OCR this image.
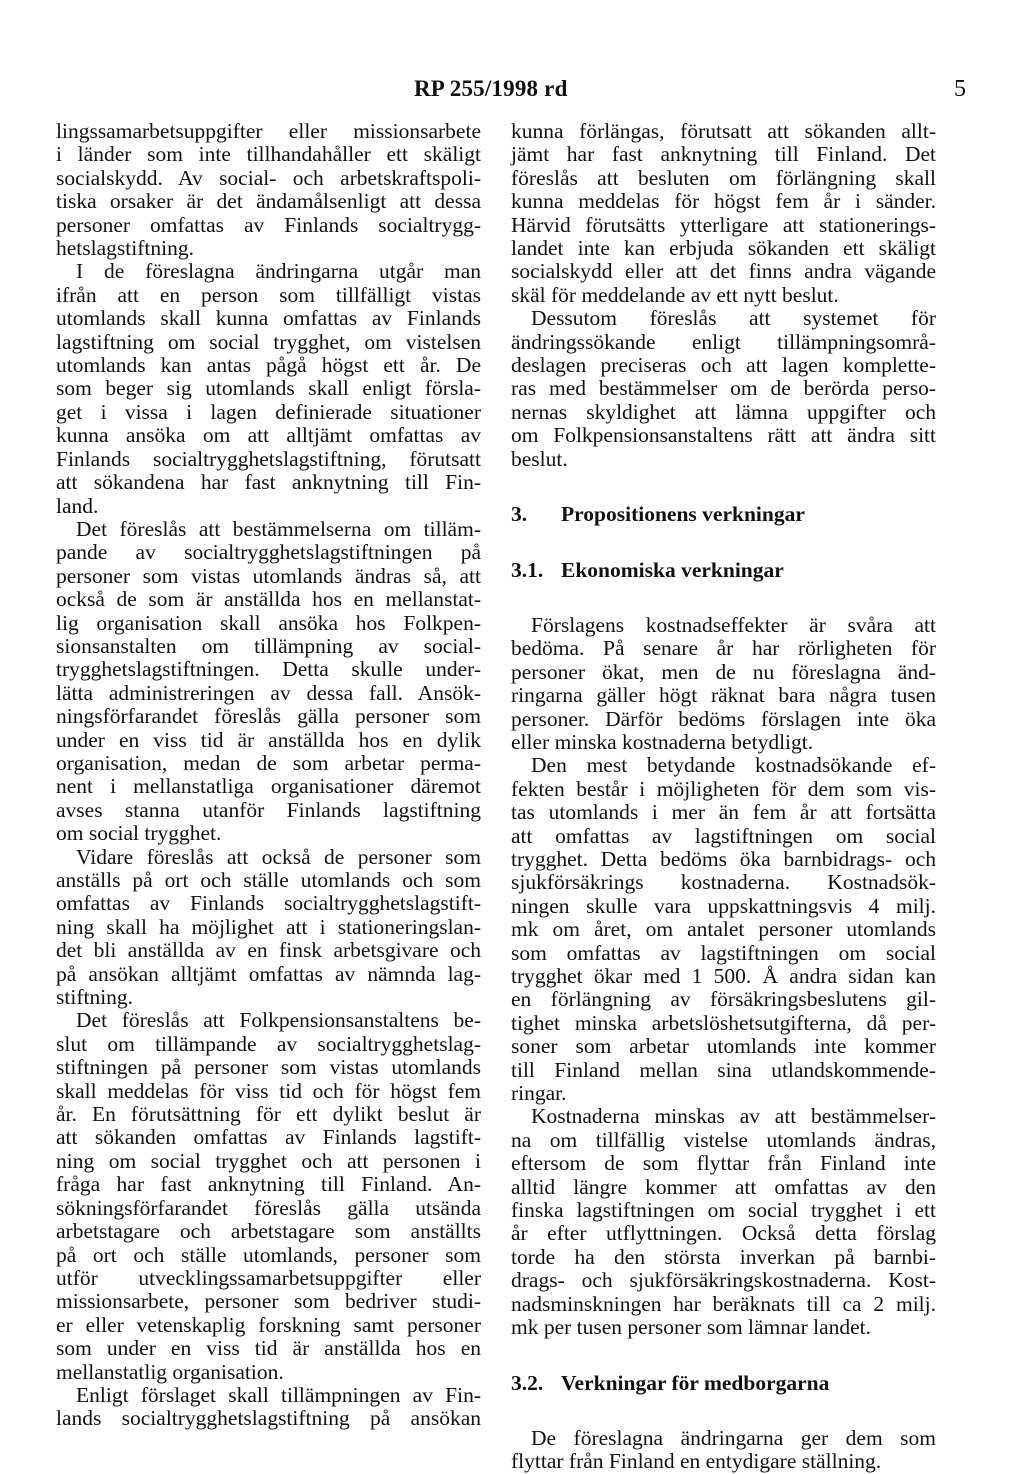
RP 255/1998 rd	5
lingssamarbetsuppgifter eller missionsarbete
i länder som inte tillhandahåller ett skäligt
socialskydd. Av social- och arbetskraftspoli-
tiska orsaker är det ändamålsenligt att dessa
personer omfattas av Finlands socialtrygg-
hetslagstiftning.
I de föreslagna ändringarna utgår man
ifrån att en person som tillfälligt vistas
utomlands skall kunna omfattas av Finlands
lagstiftning om social trygghet, om vistelsen
utomlands kan antas pågå högst ett år. De
som beger sig utomlands skall enligt försla-
get i vissa i lagen definierade situationer
kunna ansöka om att alltjämt omfattas av
Finlands socialtrygghetslagstiftning, förutsatt
att sökandena har fast anknytning till Fin-
land.
Det föreslås att bestämmelserna om tilläm-
pande av socialtrygghetslagstiftningen på
personer som vistas utomlands ändras så, att
också de som är anställda hos en mellanstat-
lig organisation skall ansöka hos Folkpen-
sionsanstalten om tillämpning av social-
trygghetslagstiftningen. Detta skulle under-
lätta administreringen av dessa fall. Ansök-
ningsförfarandet föreslås gälla personer som
under en viss tid är anställda hos en dylik
organisation, medan de som arbetar perma-
nent i mellanstatliga organisationer däremot
avses stanna utanför Finlands lagstiftning
om social trygghet.
Vidare föreslås att också de personer som
anställs på ort och ställe utomlands och som
omfattas av Finlands socialtrygghetslagstift-
ning skall ha möjlighet att i stationeringslan-
det bli anställda av en finsk arbetsgivare och
på ansökan alltjämt omfattas av nämnda lag-
stiftning.
Det föreslås att Folkpensionsanstaltens be-
slut om tillämpande av socialtrygghetslag-
stiftningen på personer som vistas utomlands
skall meddelas för viss tid och för högst fem
år. En förutsättning för ett dylikt beslut är
att sökanden omfattas av Finlands lagstift-
ning om social trygghet och att personen i
fråga har fast anknytning till Finland. An-
sökningsförfarandet föreslås gälla utsända
arbetstagare och arbetstagare som anställts
på ort och ställe utomlands, personer som
utför utvecklingssamarbetsuppgifter eller
missionsarbete, personer som bedriver studi-
er eller vetenskaplig forskning samt personer
som under en viss tid är anställda hos en
mellanstatlig organisation.
Enligt förslaget skall tillämpningen av Fin-
lands socialtrygghetslagstiftning på ansökan
kunna förlängas, förutsatt att sökanden allt-
jämt har fast anknytning till Finland. Det
föreslås att besluten om förlängning skall
kunna meddelas för högst fem år i sänder.
Härvid förutsätts ytterligare att stationerings-
landet inte kan erbjuda sökanden ett skäligt
socialskydd eller att det finns andra vägande
skäl för meddelande av ett nytt beslut.
Dessutom föreslås att systemet för
ändringssökande enligt tillämpningsområ-
deslagen preciseras och att lagen komplette-
ras med bestämmelser om de berörda perso-
nernas skyldighet att lämna uppgifter och
om Folkpensionsanstaltens rätt att ändra sitt
beslut.
3. Propositionens verkningar
3.1. Ekonomiska verkningar
Förslagens kostnadseffekter är svåra att
bedöma. På senare år har rörligheten för
personer ökat, men de nu föreslagna änd-
ringarna gäller högt räknat bara några tusen
personer. Därför bedöms förslagen inte öka
eller minska kostnaderna betydligt.
Den mest betydande kostnadsökande ef-
fekten består i möjligheten för dem som vis-
tas utomlands i mer än fem år att fortsätta
att omfattas av lagstiftningen om social
trygghet. Detta bedöms öka barnbidrags- och
sjukförsäkrings kostnaderna. Kostnadsök-
ningen skulle vara uppskattningsvis 4 milj.
mk om året, om antalet personer utomlands
som omfattas av lagstiftningen om social
trygghet ökar med 1 500. Å andra sidan kan
en förlängning av försäkringsbeslutens gil-
tighet minska arbetslöshetsutgifterna, då per-
soner som arbetar utomlands inte kommer
till Finland mellan sina utlandskommende-
ringar.
Kostnaderna minskas av att bestämmelser-
na om tillfällig vistelse utomlands ändras,
eftersom de som flyttar från Finland inte
alltid längre kommer att omfattas av den
finska lagstiftningen om social trygghet i ett
år efter utflyttningen. Också detta förslag
torde ha den största inverkan på barnbi-
drags- och sjukförsäkringskostnaderna. Kost-
nadsminskningen har beräknats till ca 2 milj.
mk per tusen personer som lämnar landet.
3.2. Verkningar för medborgarna
De föreslagna ändringarna ger dem som
flyttar från Finland en entydigare ställning.
